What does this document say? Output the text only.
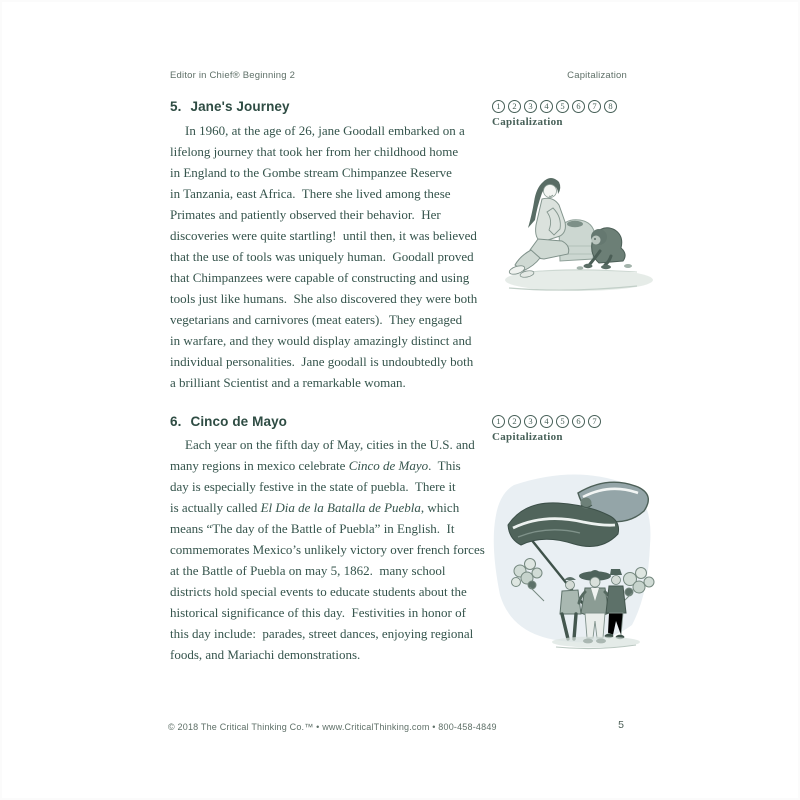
Editor in Chief® Beginning 2	Capitalization
5. Jane's Journey	1	2	3	4	5	6	7	8
Capitalization
In 1960, at the age of 26, jane Goodall embarked on a
lifelong journey that took her from her childhood home
in England to the Gombe stream Chimpanzee Reserve
in Tanzania, east Africa.  There she lived among these
Primates and patiently observed their behavior.  Her
discoveries were quite startling!  until then, it was believed
that the use of tools was uniquely human.  Goodall proved
that Chimpanzees were capable of constructing and using
tools just like humans.  She also discovered they were both
vegetarians and carnivores (meat eaters).  They engaged
in warfare, and they would display amazingly distinct and
individual personalities.  Jane goodall is undoubtedly both
a brilliant Scientist and a remarkable woman.
6. Cinco de Mayo	1	2	3	4	5	6	7
Capitalization
Each year on the fifth day of May, cities in the U.S. and
many regions in mexico celebrate Cinco de Mayo.  This
day is especially festive in the state of puebla.  There it
is actually called El Dia de la Batalla de Puebla, which
means “The day of the Battle of Puebla” in English.  It
commemorates Mexico’s unlikely victory over french forces
at the Battle of Puebla on may 5, 1862.  many school
districts hold special events to educate students about the
historical significance of this day.  Festivities in honor of
this day include:  parades, street dances, enjoying regional
foods, and Mariachi demonstrations.
© 2018 The Critical Thinking Co.™ • www.CriticalThinking.com • 800-458-4849	5
